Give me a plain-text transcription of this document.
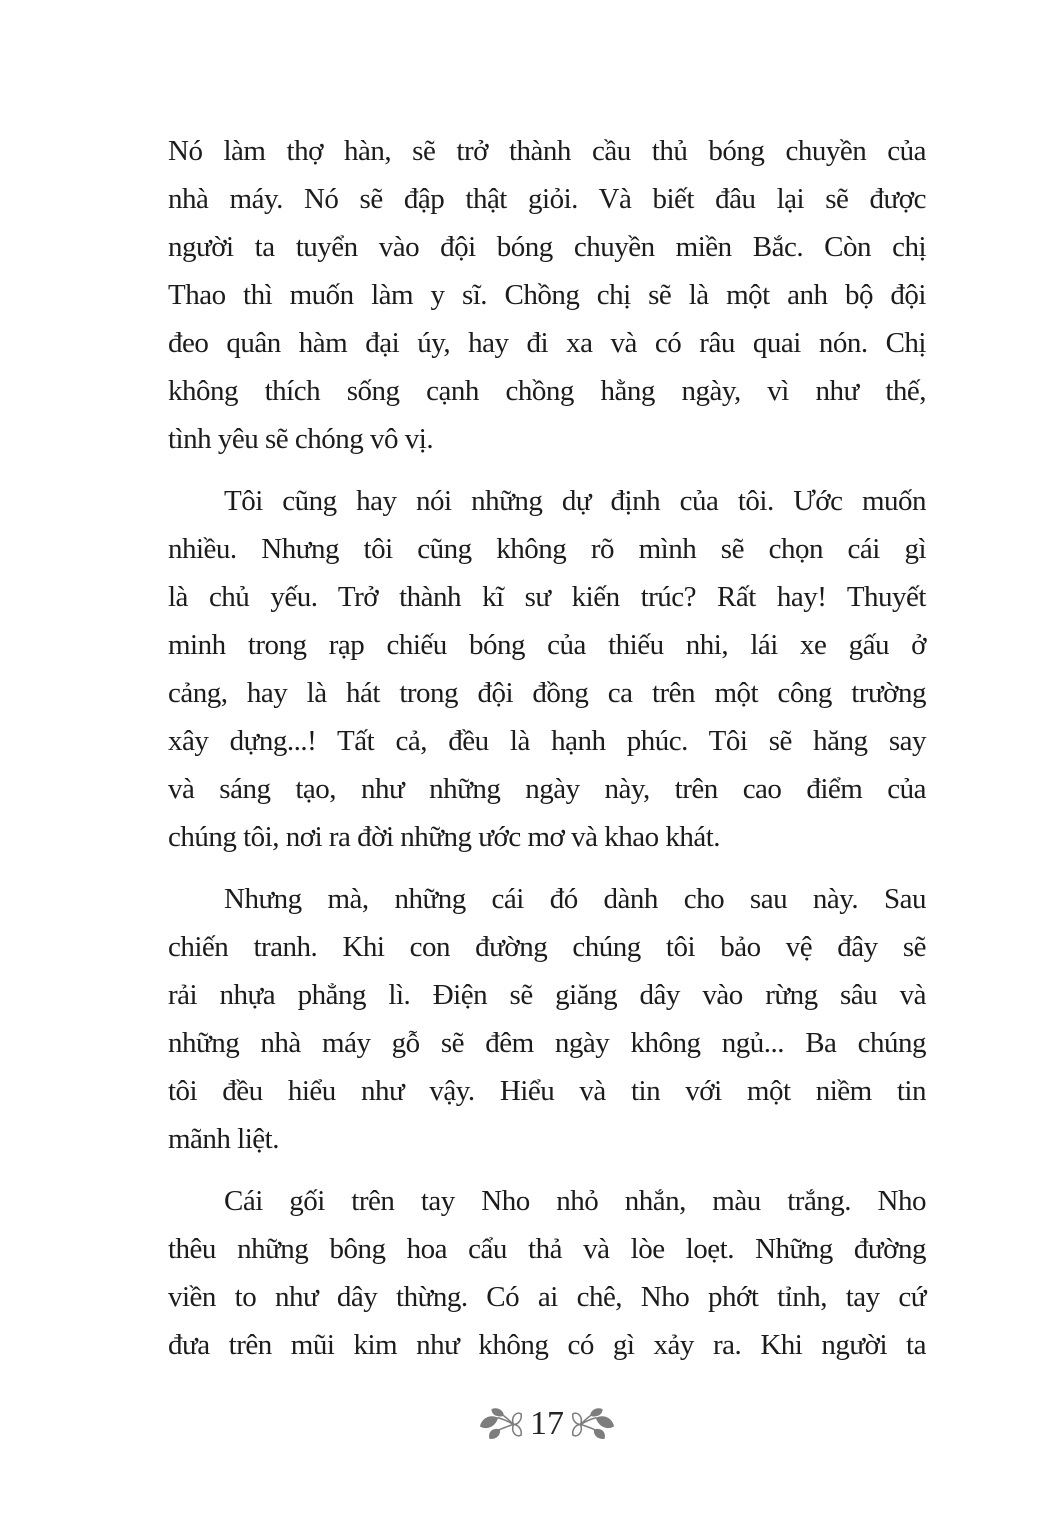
Nó làm thợ hàn, sẽ trở thành cầu thủ bóng chuyền của
nhà máy. Nó sẽ đập thật giỏi. Và biết đâu lại sẽ được
người ta tuyển vào đội bóng chuyền miền Bắc. Còn chị
Thao thì muốn làm y sĩ. Chồng chị sẽ là một anh bộ đội
đeo quân hàm đại úy, hay đi xa và có râu quai nón. Chị
không thích sống cạnh chồng hằng ngày, vì như thế,
tình yêu sẽ chóng vô vị.
Tôi cũng hay nói những dự định của tôi. Ước muốn
nhiều. Nhưng tôi cũng không rõ mình sẽ chọn cái gì
là chủ yếu. Trở thành kĩ sư kiến trúc? Rất hay! Thuyết
minh trong rạp chiếu bóng của thiếu nhi, lái xe gấu ở
cảng, hay là hát trong đội đồng ca trên một công trường
xây dựng...! Tất cả, đều là hạnh phúc. Tôi sẽ hăng say
và sáng tạo, như những ngày này, trên cao điểm của
chúng tôi, nơi ra đời những ước mơ và khao khát.
Nhưng mà, những cái đó dành cho sau này. Sau
chiến tranh. Khi con đường chúng tôi bảo vệ đây sẽ
rải nhựa phẳng lì. Điện sẽ giăng dây vào rừng sâu và
những nhà máy gỗ sẽ đêm ngày không ngủ... Ba chúng
tôi đều hiểu như vậy. Hiểu và tin với một niềm tin
mãnh liệt.
Cái gối trên tay Nho nhỏ nhắn, màu trắng. Nho
thêu những bông hoa cẩu thả và lòe loẹt. Những đường
viền to như dây thừng. Có ai chê, Nho phớt tỉnh, tay cứ
đưa trên mũi kim như không có gì xảy ra. Khi người ta
17
